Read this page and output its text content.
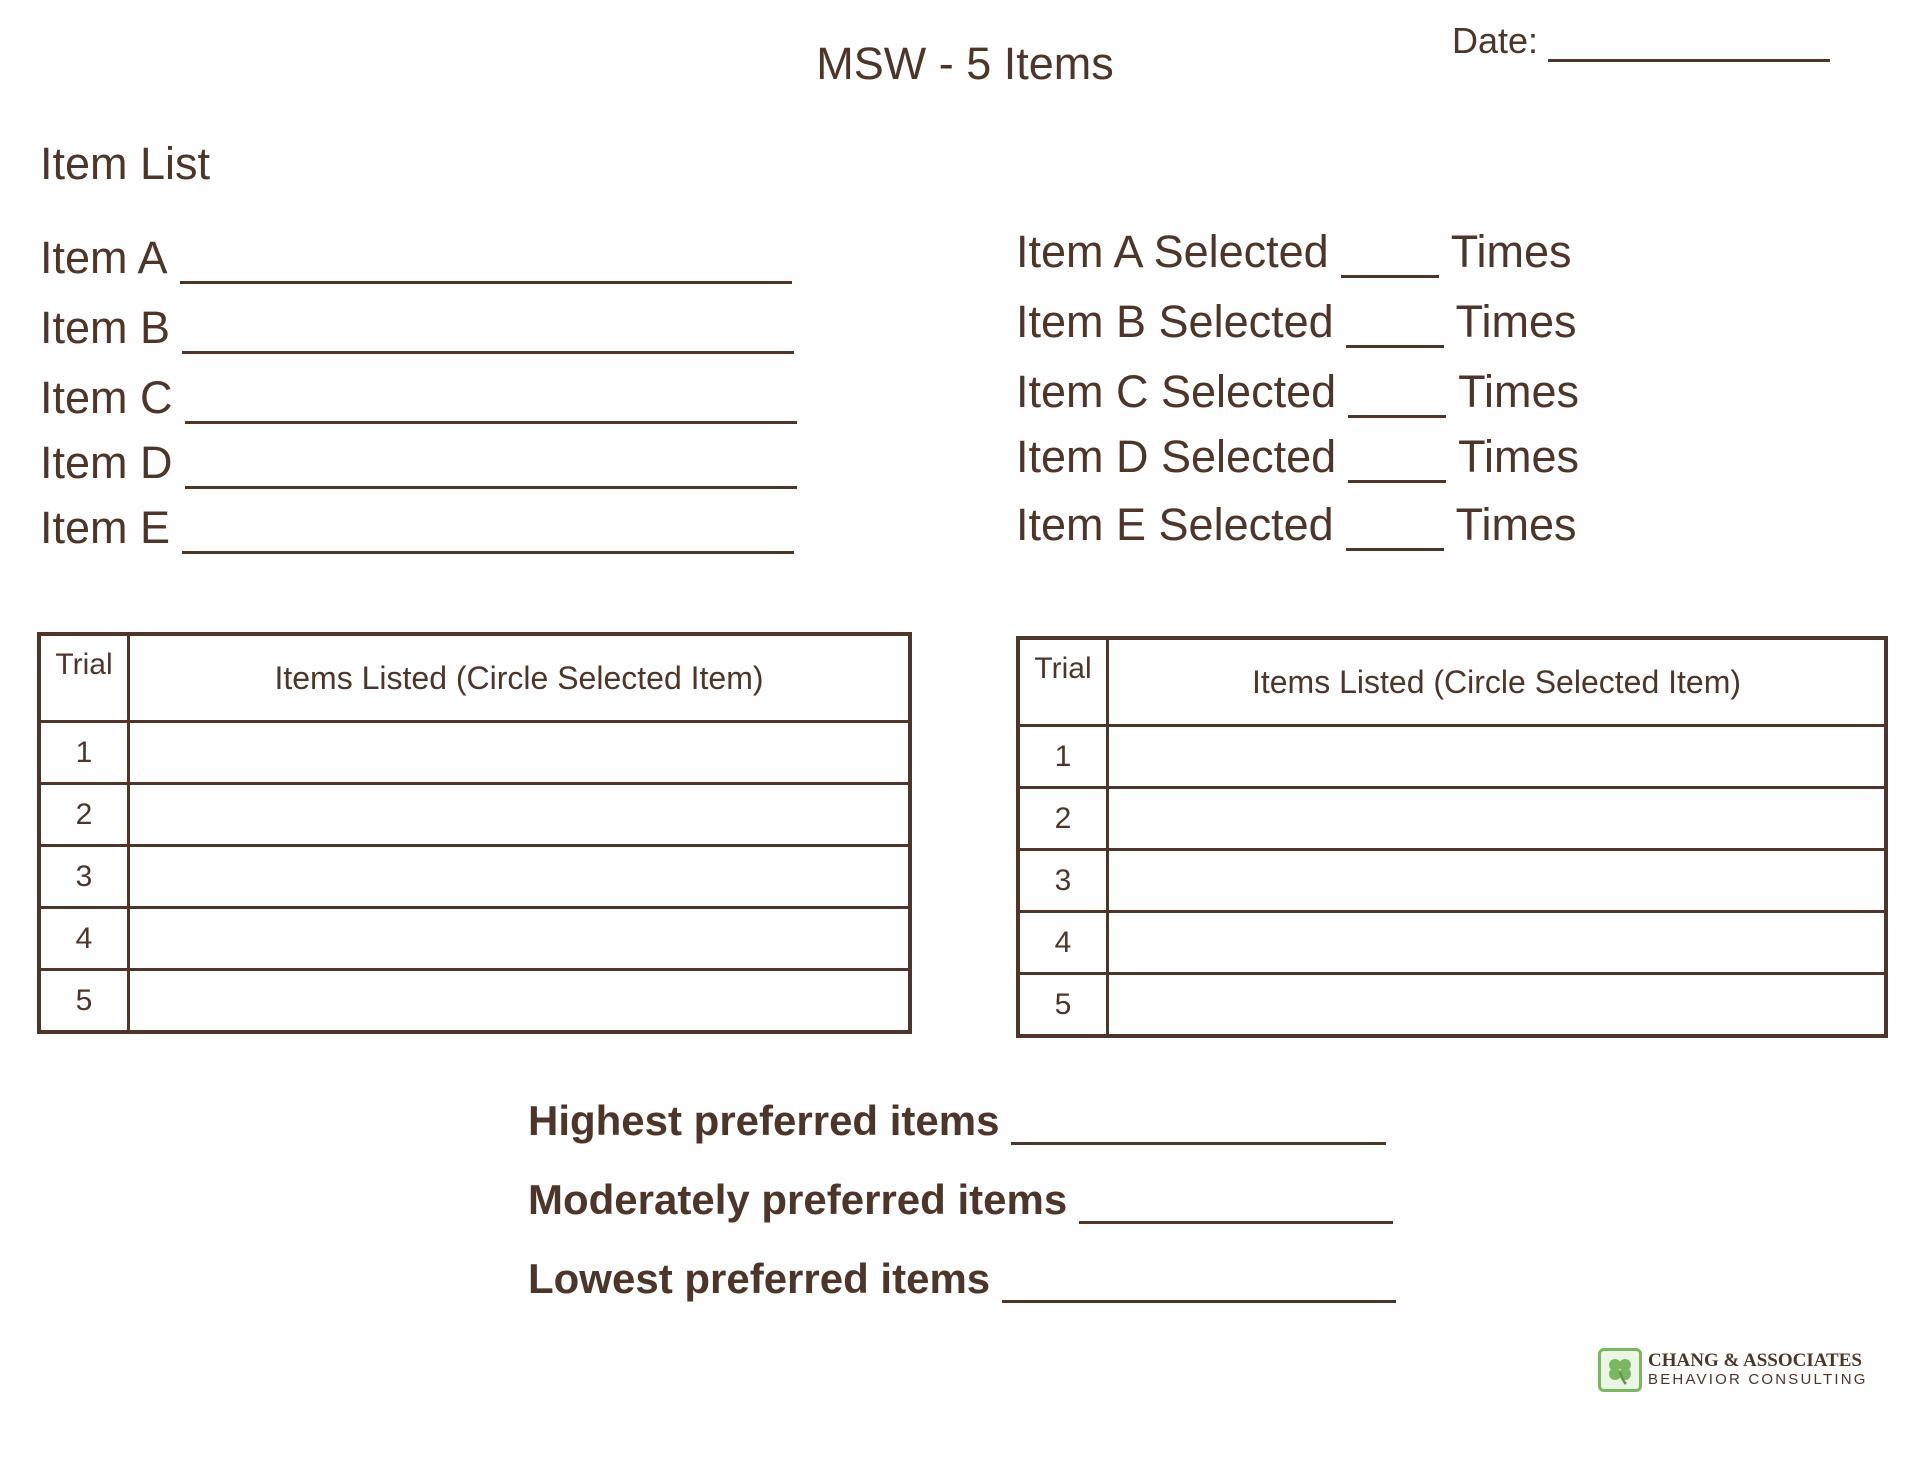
MSW - 5 Items	Date:
Item List
Item A
Item B
Item C
Item D
Item E
Item A Selected	Times
Item B Selected	Times
Item C Selected	Times
Item D Selected	Times
Item E Selected	Times
Trial	Items Listed (Circle Selected Item)
1	
2	
3	
4	
5	
Trial	Items Listed (Circle Selected Item)
1	
2	
3	
4	
5	
Highest preferred items
Moderately preferred items
Lowest preferred items
CHANG & ASSOCIATES
BEHAVIOR CONSULTING
